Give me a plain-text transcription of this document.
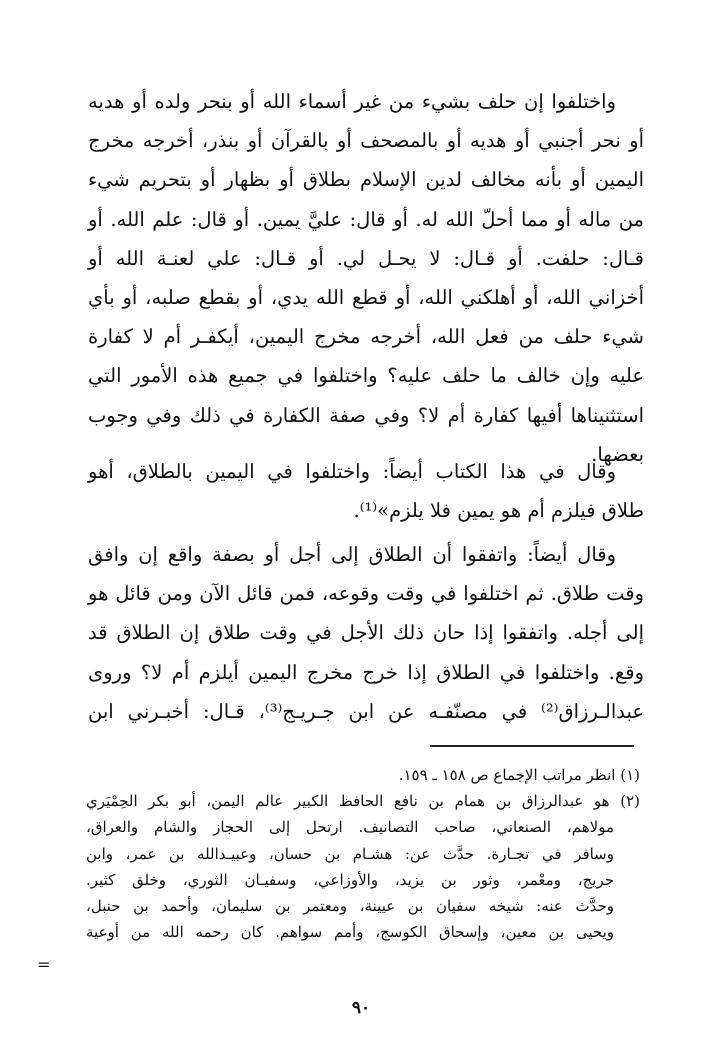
واختلفوا إن حلف بشيء من غير أسماء الله أو بنحر ولده أو هديه
أو نحر أجنبي أو هديه أو بالمصحف أو بالقرآن أو بنذر، أخرجه مخرج
اليمين أو بأنه مخالف لدين الإسلام بطلاق أو بظهار أو بتحريم شيء
من ماله أو مما أحلّ الله له. أو قال: عليَّ يمين. أو قال: علم الله. أو
قـال: حلفت. أو قـال: لا يحـل لي. أو قـال: علي لعنـة الله أو
أخزاني الله، أو أهلكني الله، أو قطع الله يدي، أو بقطع صلبه، أو بأي
شيء حلف من فعل الله، أخرجه مخرج اليمين، أيكفـر أم لا كفارة
عليه وإن خالف ما حلف عليه؟ واختلفوا في جميع هذه الأمور التي
استثنيناها أفيها كفارة أم لا؟ وفي صفة الكفارة في ذلك وفي وجوب
بعضها.
وقال في هذا الكتاب أيضاً: واختلفوا في اليمين بالطلاق، أهو
طلاق فيلزم أم هو يمين فلا يلزم»⁽¹⁾.
وقال أيضاً: واتفقوا أن الطلاق إلى أجل أو بصفة واقع إن وافق
وقت طلاق. ثم اختلفوا في وقت وقوعه، فمن قائل الآن ومن قائل هو
إلى أجله. واتفقوا إذا حان ذلك الأجل في وقت طلاق إن الطلاق قد
وقع. واختلفوا في الطلاق إذا خرج مخرج اليمين أيلزم أم لا؟ وروى
عبدالـرزاق⁽²⁾ في مصنّفـه عن ابن جـريـج⁽³⁾، قـال: أخبـرني ابن
(١) انظر مراتب الإجماع ص ١٥٨ ـ ١٥٩.
(٢) هو عبدالرزاق بن همام بن نافع الحافظ الكبير عالم اليمن، أبو بكر الحِمْيَري
مولاهم، الصنعاني، صاحب التصانيف. ارتحل إلى الحجاز والشام والعراق،
وسافر في تجـارة. حدَّث عن: هشـام بن حسان، وعبيـدالله بن عمر، وابن
جريج، ومعْمر، وثور بن يزيد، والأوزاعي، وسفيـان الثوري، وخلق كثير.
وحدَّث عنه: شيخه سفيان بن عيينة، ومعتمر بن سليمان، وأحمد بن حنبل،
ويحيى بن معين، وإسحاق الكوسج، وأمم سواهم. كان رحمه الله من أوعية
=
٩٠
